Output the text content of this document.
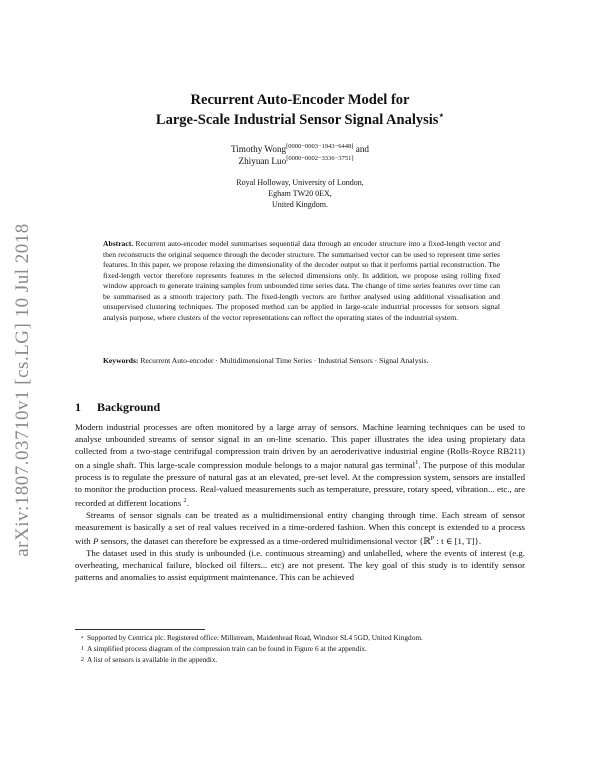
arXiv:1807.03710v1 [cs.LG] 10 Jul 2018
Recurrent Auto-Encoder Model for
Large-Scale Industrial Sensor Signal Analysis⋆
Timothy Wong[0000−0003−1943−6448] and
Zhiyuan Luo[0000−0002−3336−3751]
Royal Holloway, University of London,
Egham TW20 0EX,
United Kingdom.
Abstract. Recurrent auto-encoder model summarises sequential data through an encoder structure into a fixed-length vector and then reconstructs the original sequence through the decoder structure. The summarised vector can be used to represent time series features. In this paper, we propose relaxing the dimensionality of the decoder output so that it performs partial reconstruction. The fixed-length vector therefore represents features in the selected dimensions only. In addition, we propose using rolling fixed window approach to generate training samples from unbounded time series data. The change of time series features over time can be summarised as a smooth trajectory path. The fixed-length vectors are further analysed using additional visualisation and unsupervised clustering techniques. The proposed method can be applied in large-scale industrial processes for sensors signal analysis purpose, where clusters of the vector representations can reflect the operating states of the industrial system.
Keywords: Recurrent Auto-encoder · Multidimensional Time Series · Industrial Sensors · Signal Analysis.
1 Background

Modern industrial processes are often monitored by a large array of sensors. Machine learning techniques can be used to analyse unbounded streams of sensor signal in an on-line scenario. This paper illustrates the idea using propietary data collected from a two-stage centrifugal compression train driven by an aeroderivative industrial engine (Rolls-Royce RB211) on a single shaft. This large-scale compression module belongs to a major natural gas terminal$^1$. The purpose of this modular process is to regulate the pressure of natural gas at an elevated, pre-set level. At the compression system, sensors are installed to monitor the production process. Real-valued measurements such as temperature, pressure, rotary speed, vibration... etc., are recorded at different locations $^2$.

Streams of sensor signals can be treated as a multidimensional entity changing through time. Each stream of sensor measurement is basically a set of real values received in a time-ordered fashion. When this concept is extended to a process with P sensors, the dataset can therefore be expressed as a time-ordered multidimensional vector {ℝ$^P$ : t ∈ [1, T]}.

The dataset used in this study is unbounded (i.e. continuous streaming) and unlabelled, where the events of interest (e.g. overheating, mechanical failure, blocked oil filters... etc) are not present. The key goal of this study is to identify sensor patterns and anomalies to assist equiptment maintenance. This can be achieved

⋆ Supported by Centrica plc. Registered office: Millstream, Maidenhead Road, Windsor SL4 5GD, United Kingdom.
1 A simplified process diagram of the compression train can be found in Figure 6 at the appendix.
2 A list of sensors is available in the appendix.
